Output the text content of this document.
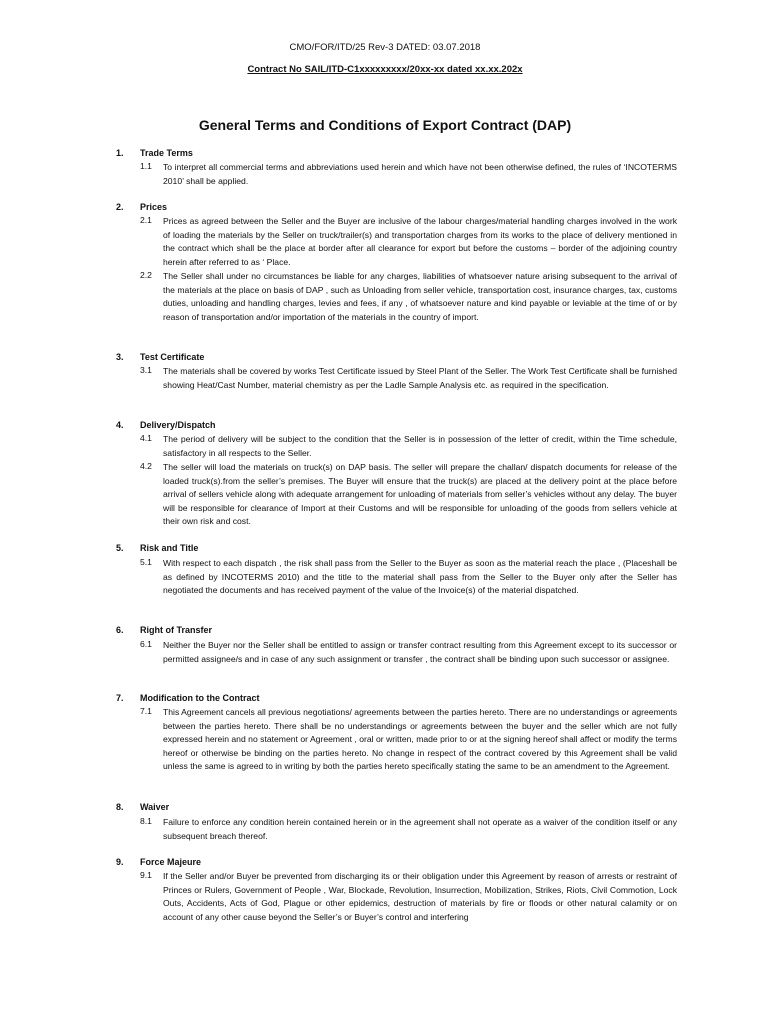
CMO/FOR/ITD/25 Rev-3 DATED: 03.07.2018
Contract No SAIL/ITD-C1xxxxxxxxx/20xx-xx dated xx.xx.202x
General Terms and Conditions of Export Contract (DAP)
1. Trade Terms
1.1 To interpret all commercial terms and abbreviations used herein and which have not been otherwise defined, the rules of ‘INCOTERMS 2010’ shall be applied.
2. Prices
2.1 Prices as agreed between the Seller and the Buyer are inclusive of the labour charges/material handling charges involved in the work of loading the materials by the Seller on truck/trailer(s) and transportation charges from its works to the place of delivery mentioned in the contract which shall be the place at border after all clearance for export but before the customs – border of the adjoining country herein after referred to as ‘ Place.
2.2 The Seller shall under no circumstances be liable for any charges, liabilities of whatsoever nature arising subsequent to the arrival of the materials at the place on basis of DAP , such as Unloading from seller vehicle, transportation cost, insurance charges, tax, customs duties, unloading and handling charges, levies and fees, if any , of whatsoever nature and kind payable or leviable at the time of or by reason of transportation and/or importation of the materials in the country of import.
3. Test Certificate
3.1 The materials shall be covered by works Test Certificate issued by Steel Plant of the Seller. The Work Test Certificate shall be furnished showing Heat/Cast Number, material chemistry as per the Ladle Sample Analysis etc. as required in the specification.
4. Delivery/Dispatch
4.1 The period of delivery will be subject to the condition that the Seller is in possession of the letter of credit, within the Time schedule, satisfactory in all respects to the Seller.
4.2 The seller will load the materials on truck(s) on DAP basis. The seller will prepare the challan/ dispatch documents for release of the loaded truck(s).from the seller’s premises. The Buyer will ensure that the truck(s) are placed at the delivery point at the place before arrival of sellers vehicle along with adequate arrangement for unloading of materials from seller’s vehicles without any delay. The buyer will be responsible for clearance of Import at their Customs and will be responsible for unloading of the goods from sellers vehicle at their own risk and cost.
5. Risk and Title
5.1 With respect to each dispatch , the risk shall pass from the Seller to the Buyer as soon as the material reach the place , (Placeshall be as defined by INCOTERMS 2010) and the title to the material shall pass from the Seller to the Buyer only after the Seller has negotiated the documents and has received payment of the value of the Invoice(s) of the material dispatched.
6. Right of Transfer
6.1 Neither the Buyer nor the Seller shall be entitled to assign or transfer contract resulting from this Agreement except to its successor or permitted assignee/s and in case of any such assignment or transfer , the contract shall be binding upon such successor or assignee.
7. Modification to the Contract
7.1 This Agreement cancels all previous negotiations/ agreements between the parties hereto. There are no understandings or agreements between the parties hereto. There shall be no understandings or agreements between the buyer and the seller which are not fully expressed herein and no statement or Agreement , oral or written, made prior to or at the signing hereof shall affect or modify the terms hereof or otherwise be binding on the parties hereto. No change in respect of the contract covered by this Agreement shall be valid unless the same is agreed to in writing by both the parties hereto specifically stating the same to be an amendment to the Agreement.
8. Waiver
8.1 Failure to enforce any condition herein contained herein or in the agreement shall not operate as a waiver of the condition itself or any subsequent breach thereof.
9. Force Majeure
9.1 If the Seller and/or Buyer be prevented from discharging its or their obligation under this Agreement by reason of arrests or restraint of Princes or Rulers, Government of People , War, Blockade, Revolution, Insurrection, Mobilization, Strikes, Riots, Civil Commotion, Lock Outs, Accidents, Acts of God, Plague or other epidemics, destruction of materials by fire or floods or other natural calamity or on account of any other cause beyond the Seller’s or Buyer’s control and interfering
